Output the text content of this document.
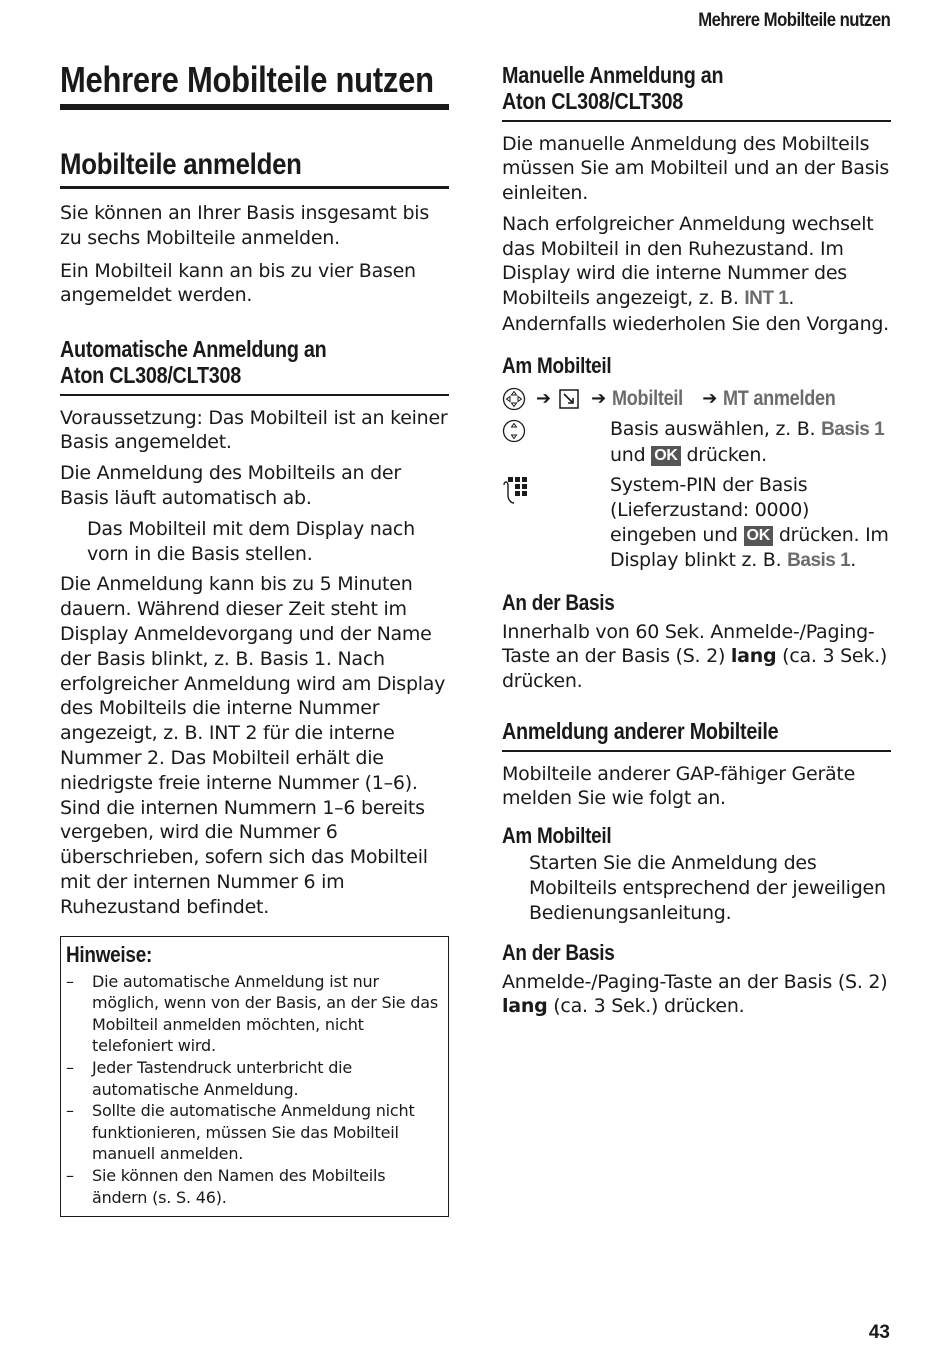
Mehrere Mobilteile nutzen
Mehrere Mobilteile nutzen
Mobilteile anmelden

Sie können an Ihrer Basis insgesamt bis zu sechs Mobilteile anmelden.

Ein Mobilteil kann an bis zu vier Basen angemeldet werden.

Automatische Anmeldung an
Aton CL308/CLT308

Voraussetzung: Das Mobilteil ist an keiner Basis angemeldet.

Die Anmeldung des Mobilteils an der Basis läuft automatisch ab.

Das Mobilteil mit dem Display nach vorn in die Basis stellen.

Die Anmeldung kann bis zu 5 Minuten dauern. Während dieser Zeit steht im Display Anmeldevorgang und der Name der Basis blinkt, z. B. Basis 1. Nach erfolgreicher Anmeldung wird am Display des Mobilteils die interne Nummer angezeigt, z. B. INT 2 für die interne Nummer 2. Das Mobilteil erhält die niedrigste freie interne Nummer (1–6). Sind die internen Nummern 1–6 bereits vergeben, wird die Nummer 6 überschrieben, sofern sich das Mobilteil mit der internen Nummer 6 im Ruhezustand befindet.

Hinweise:
– Die automatische Anmeldung ist nur möglich, wenn von der Basis, an der Sie das Mobilteil anmelden möchten, nicht telefoniert wird.
– Jeder Tastendruck unterbricht die automatische Anmeldung.
– Sollte die automatische Anmeldung nicht funktionieren, müssen Sie das Mobilteil manuell anmelden.
– Sie können den Namen des Mobilteils ändern (s. S. 46).
Manuelle Anmeldung an
Aton CL308/CLT308

Die manuelle Anmeldung des Mobilteils müssen Sie am Mobilteil und an der Basis einleiten.

Nach erfolgreicher Anmeldung wechselt das Mobilteil in den Ruhezustand. Im Display wird die interne Nummer des Mobilteils angezeigt, z. B. INT 1. Andernfalls wiederholen Sie den Vorgang.

Am Mobilteil
➔ ➔ Mobilteil ➔ MT anmelden
Basis auswählen, z. B. Basis 1 und OK drücken.
System-PIN der Basis (Lieferzustand: 0000) eingeben und OK drücken. Im Display blinkt z. B. Basis 1.
An der Basis

Innerhalb von 60 Sek. Anmelde-/Paging-Taste an der Basis (S. 2) lang (ca. 3 Sek.) drücken.

Anmeldung anderer Mobilteile

Mobilteile anderer GAP-fähiger Geräte melden Sie wie folgt an.

Am Mobilteil

Starten Sie die Anmeldung des Mobilteils entsprechend der jeweiligen Bedienungsanleitung.

An der Basis

Anmelde-/Paging-Taste an der Basis (S. 2) lang (ca. 3 Sek.) drücken.

43
